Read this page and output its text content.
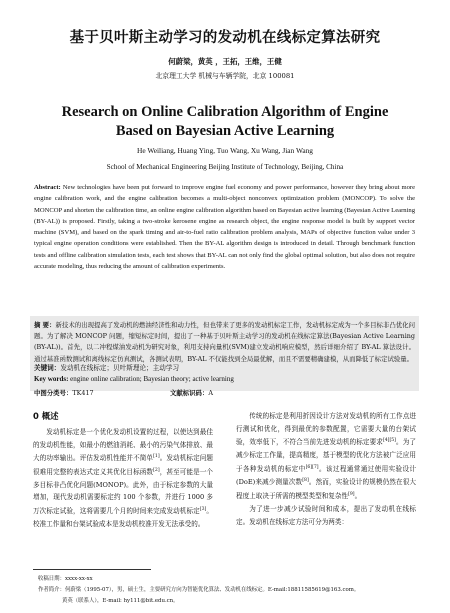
基于贝叶斯主动学习的发动机在线标定算法研究
何蔚梁，黄英 ，王拓，王维，王健
北京理工大学 机械与车辆学院，北京 100081
Research on Online Calibration Algorithm of Engine
Based on Bayesian Active Learning
He Weiliang, Huang Ying, Tuo Wang, Xu Wang, Jian Wang
School of Mechanical Engineering Beijing Institute of Technology, Beijing, China
Abstract: New technologies have been put forward to improve engine fuel economy and power performance, however they bring about more engine calibration work, and the engine calibration becomes a multi-object nonconvex optimization problem (MONCOP). To solve the MONCOP and shorten the calibration time, an online engine calibration algorithm based on Bayesian active learning (Bayesian Active Learning (BY-AL)) is proposed. Firstly, taking a two-stroke kerosene engine as research object, the engine response model is built by support vector machine (SVM), and based on the spark timing and air-to-fuel ratio calibration problem analysis, MAPs of objective function value under 3 typical engine operation conditions were established. Then the BY-AL algorithm design is introduced in detail. Through benchmark function tests and offline calibration simulation tests, each test shows that BY-AL can not only find the global optimal solution, but also does not require accurate modeling, thus reducing the amount of calibration experiments.
摘 要：新技术的出现提高了发动机的燃油经济性和动力性，但也带来了更多的发动机标定工作，发动机标定成为一个多目标非凸优化问题。为了解决 MONCOP 问题，缩短标定时间，提出了一种基于贝叶斯主动学习的发动机在线标定算法(Bayesian Active Learning (BY-AL))。首先，以二冲程煤油发动机为研究对象，利用支持向量机(SVM)建立发动机响应模型，然后详细介绍了 BY-AL 算法设计。通过基准函数测试和离线标定仿真测试，各测试表明，BY-AL 不仅能找到全局最优解，而且不需要精确建模，从而降低了标定试验量。
关键词：发动机在线标定；贝叶斯理论；主动学习
Key words: engine online calibration; Bayesian theory; active learning
中图分类号：TK417	文献标识码：A
0 概述
发动机标定是一个优化发动机设置的过程，以使达到最佳的发动机性能，如最小的燃油消耗、最小的污染气体排放、最大的功率输出。评估发动机性能并不简单[1]。发动机标定问题很难用完整的表达式定义其优化目标函数[2]，甚至可能是一个多目标非凸优化问题(MONOP)。此外，由于标定参数的大量增加，现代发动机需要标定约 100 个参数，并进行 1000 多万次标定试验，这将需要几个月的时间来完成发动机标定[3]。校准工作量和台架试验成本是发动机校准开发无法承受的。

传统的标定是利用折因设计方法对发动机的所有工作点进行测试和优化，得到最优的参数配置，它需要大量的台架试验，效率低下，不符合当前先进发动机的标定要求[4][5]。为了减少标定工作量，提高精度，基于模型的优化方法被广泛应用于各种发动机的标定中[6][7]。该过程通常通过使用实验设计(DoE)来减少测量次数[8]。然而，实验设计的规模仍然在很大程度上取决于所需的模型类型和复杂性[9]。

为了进一步减少试验时间和成本，提出了发动机在线标定。发动机在线标定方法可分为两类：

收稿日期：xxxx-xx-xx
作者简介：何蔚梁（1995-07），男，硕士生，主要研究方向为智能优化算法、发动机在线标定。E-mail:18811585619@163.com。
黄英（联系人），E-mail: hy111@bit.edu.cn。
